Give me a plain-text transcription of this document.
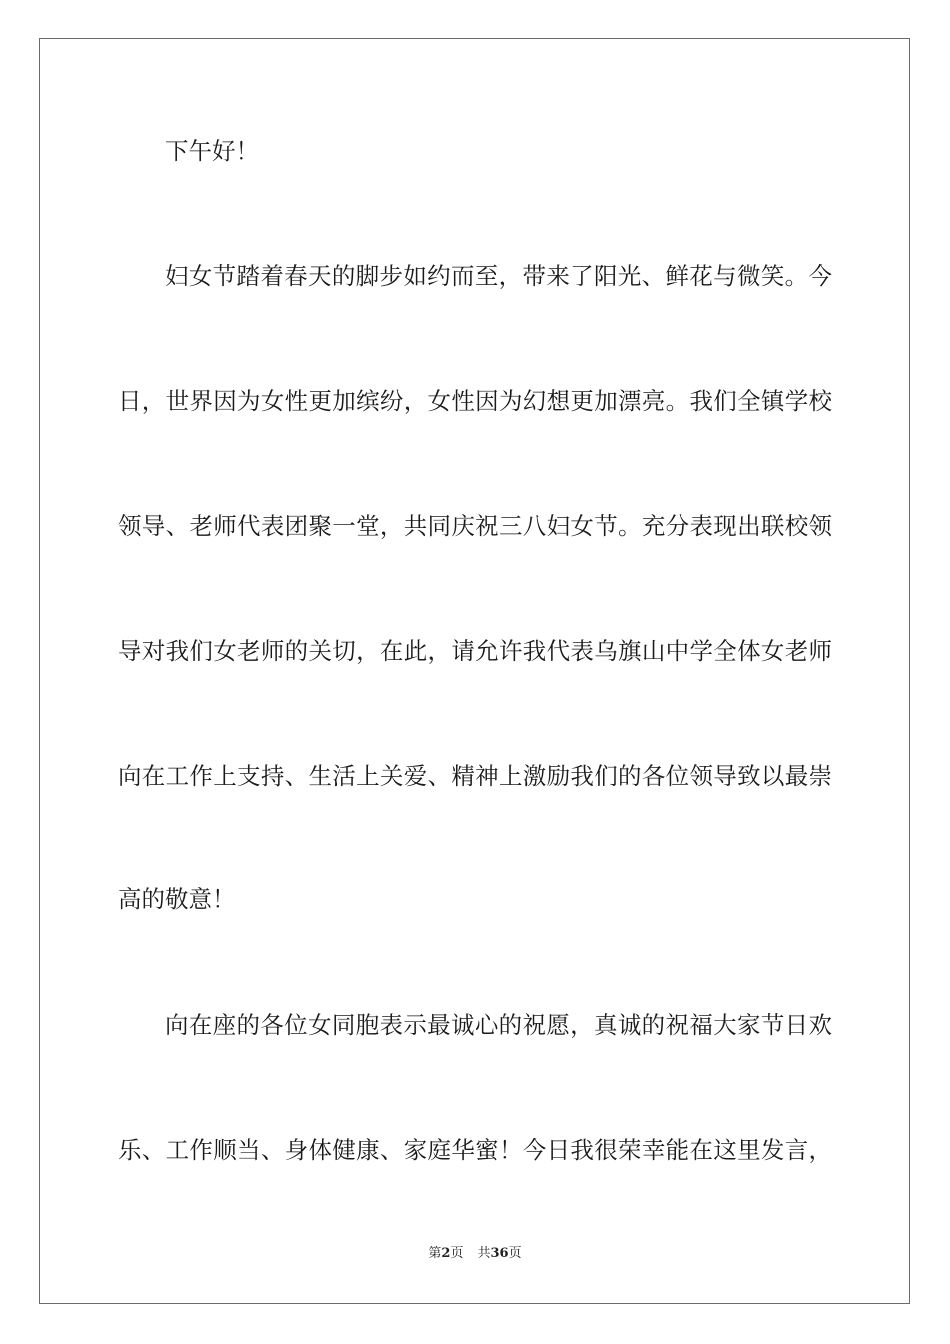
下午好！
妇女节踏着春天的脚步如约而至，带来了阳光、鲜花与微笑。今
日，世界因为女性更加缤纷，女性因为幻想更加漂亮。我们全镇学校
领导、老师代表团聚一堂，共同庆祝三八妇女节。充分表现出联校领
导对我们女老师的关切，在此，请允许我代表乌旗山中学全体女老师
向在工作上支持、生活上关爱、精神上激励我们的各位领导致以最崇
高的敬意！
向在座的各位女同胞表示最诚心的祝愿，真诚的祝福大家节日欢
乐、工作顺当、身体健康、家庭华蜜！今日我很荣幸能在这里发言，
第2页 共36页
